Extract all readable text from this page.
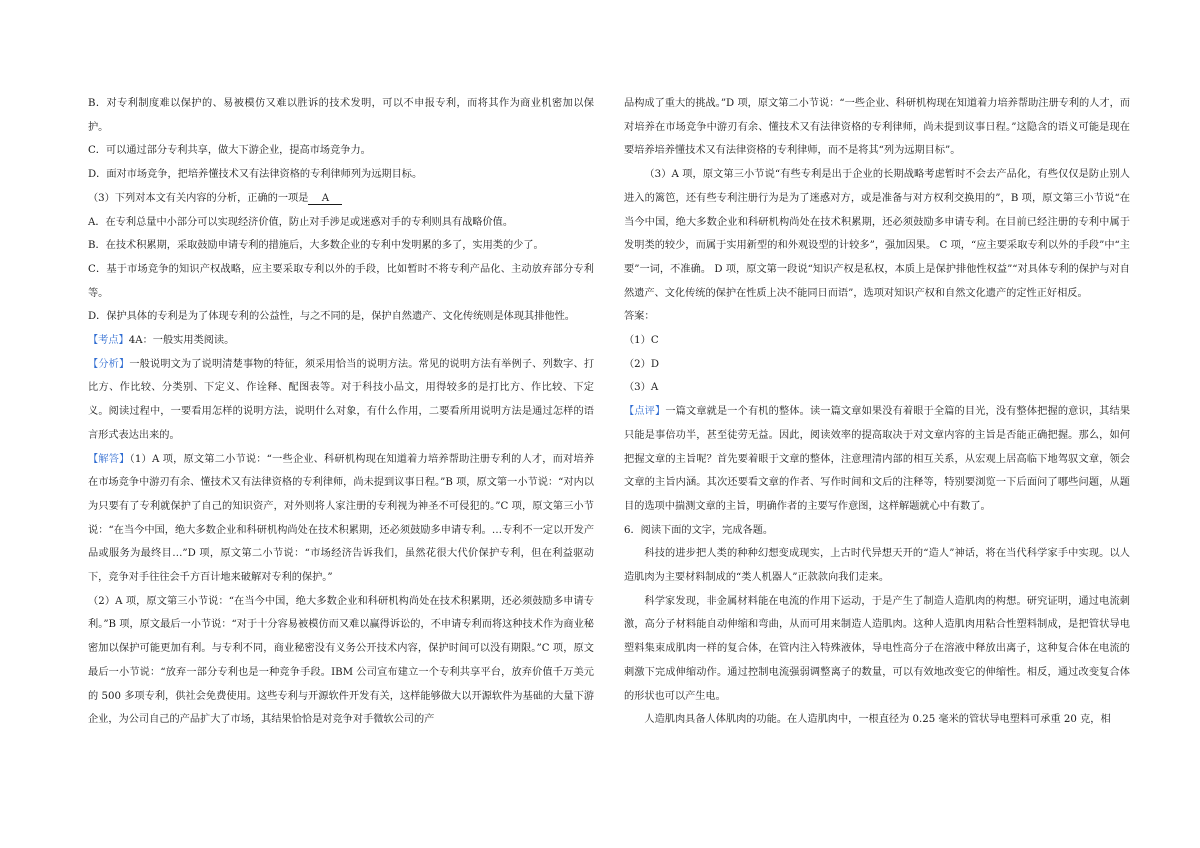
B．对专利制度难以保护的、易被模仿又难以胜诉的技术发明，可以不申报专利，而将其作为商业机密加以保护。

C．可以通过部分专利共享，做大下游企业，提高市场竞争力。

D．面对市场竞争，把培养懂技术又有法律资格的专利律师列为远期目标。

（3）下列对本文有关内容的分析，正确的一项是 A

A．在专利总量中小部分可以实现经济价值，防止对手涉足或迷惑对手的专利则具有战略价值。

B．在技术积累期，采取鼓励申请专利的措施后，大多数企业的专利中发明累的多了，实用类的少了。

C．基于市场竞争的知识产权战略，应主要采取专利以外的手段，比如暂时不将专利产品化、主动放弃部分专利等。

D．保护具体的专利是为了体现专利的公益性，与之不同的是，保护自然遗产、文化传统则是体现其排他性。

【考点】4A：一般实用类阅读。

【分析】一般说明文为了说明清楚事物的特征，须采用恰当的说明方法。常见的说明方法有举例子、列数字、打比方、作比较、分类别、下定义、作诠释、配图表等。对于科技小品文，用得较多的是打比方、作比较、下定义。阅读过程中，一要看用怎样的说明方法，说明什么对象，有什么作用，二要看所用说明方法是通过怎样的语言形式表达出来的。

【解答】（1）A 项，原文第二小节说：“一些企业、科研机构现在知道着力培养帮助注册专利的人才，而对培养在市场竞争中游刃有余、懂技术又有法律资格的专利律师，尚未提到议事日程。”B 项，原文第一小节说：“对内以为只要有了专利就保护了自己的知识资产，对外则将人家注册的专利视为神圣不可侵犯的。”C 项，原文第三小节说：“在当今中国，绝大多数企业和科研机构尚处在技术积累期，还必须鼓励多申请专利。…专利不一定以开发产品或服务为最终目…”D 项，原文第二小节说：“市场经济告诉我们，虽然花很大代价保护专利，但在利益驱动下，竞争对手往往会千方百计地来破解对专利的保护。”

（2）A 项，原文第三小节说：“在当今中国，绝大多数企业和科研机构尚处在技术积累期，还必须鼓励多申请专利。”B 项，原文最后一小节说：“对于十分容易被模仿而又难以赢得诉讼的，不申请专利而将这种技术作为商业秘密加以保护可能更加有利。与专利不同，商业秘密没有义务公开技术内容，保护时间可以没有期限。”C 项，原文最后一小节说：“放弃一部分专利也是一种竞争手段。IBM 公司宣布建立一个专利共享平台，放弃价值千万美元的 500 多项专利，供社会免费使用。这些专利与开源软件开发有关，这样能够做大以开源软件为基础的大量下游企业，为公司自己的产品扩大了市场，其结果恰恰是对竞争对手微软公司的产

品构成了重大的挑战。”D 项，原文第二小节说：“一些企业、科研机构现在知道着力培养帮助注册专利的人才，而对培养在市场竞争中游刃有余、懂技术又有法律资格的专利律师，尚未提到议事日程。”这隐含的语义可能是现在要培养培养懂技术又有法律资格的专利律师，而不是将其“列为远期目标”。

（3）A 项，原文第三小节说“有些专利是出于企业的长期战略考虑暂时不会去产品化，有些仅仅是防止别人进入的篱笆，还有些专利注册行为是为了迷惑对方，或是准备与对方权利交换用的”，B 项，原文第三小节说“在当今中国，绝大多数企业和科研机构尚处在技术积累期，还必须鼓励多申请专利。在目前已经注册的专利中属于发明类的较少，而属于实用新型的和外观设型的计较多”，强加因果。 C 项，“应主要采取专利以外的手段”中“主要”一词，不准确。 D 项，原文第一段说“知识产权是私权，本质上是保护排他性权益”“对具体专利的保护与对自然遗产、文化传统的保护在性质上决不能同日而语”，选项对知识产权和自然文化遗产的定性正好相反。

答案：

（1）C

（2）D

（3）A

【点评】一篇文章就是一个有机的整体。读一篇文章如果没有着眼于全篇的目光，没有整体把握的意识，其结果只能是事倍功半，甚至徒劳无益。因此，阅读效率的提高取决于对文章内容的主旨是否能正确把握。那么，如何把握文章的主旨呢？首先要着眼于文章的整体，注意理清内部的相互关系，从宏观上居高临下地驾驭文章，领会文章的主旨内涵。其次还要看文章的作者、写作时间和文后的注释等，特别要浏览一下后面问了哪些问题，从题目的选项中揣测文章的主旨，明确作者的主要写作意图，这样解题就心中有数了。

6．阅读下面的文字，完成各题。

科技的进步把人类的种种幻想变成现实，上古时代异想天开的“造人”神话，将在当代科学家手中实现。以人造肌肉为主要材料制成的“类人机器人”正款款向我们走来。

科学家发现，非金属材料能在电流的作用下运动，于是产生了制造人造肌肉的构想。研究证明，通过电流刺激，高分子材料能自动伸缩和弯曲，从而可用来制造人造肌肉。这种人造肌肉用粘合性塑料制成，是把管状导电塑料集束成肌肉一样的复合体，在管内注入特殊液体，导电性高分子在溶液中释放出离子，这种复合体在电流的刺激下完成伸缩动作。通过控制电流强弱调整离子的数量，可以有效地改变它的伸缩性。相反，通过改变复合体的形状也可以产生电。

人造肌肉具备人体肌肉的功能。在人造肌肉中，一根直径为 0.25 毫米的管状导电塑料可承重 20 克，相
